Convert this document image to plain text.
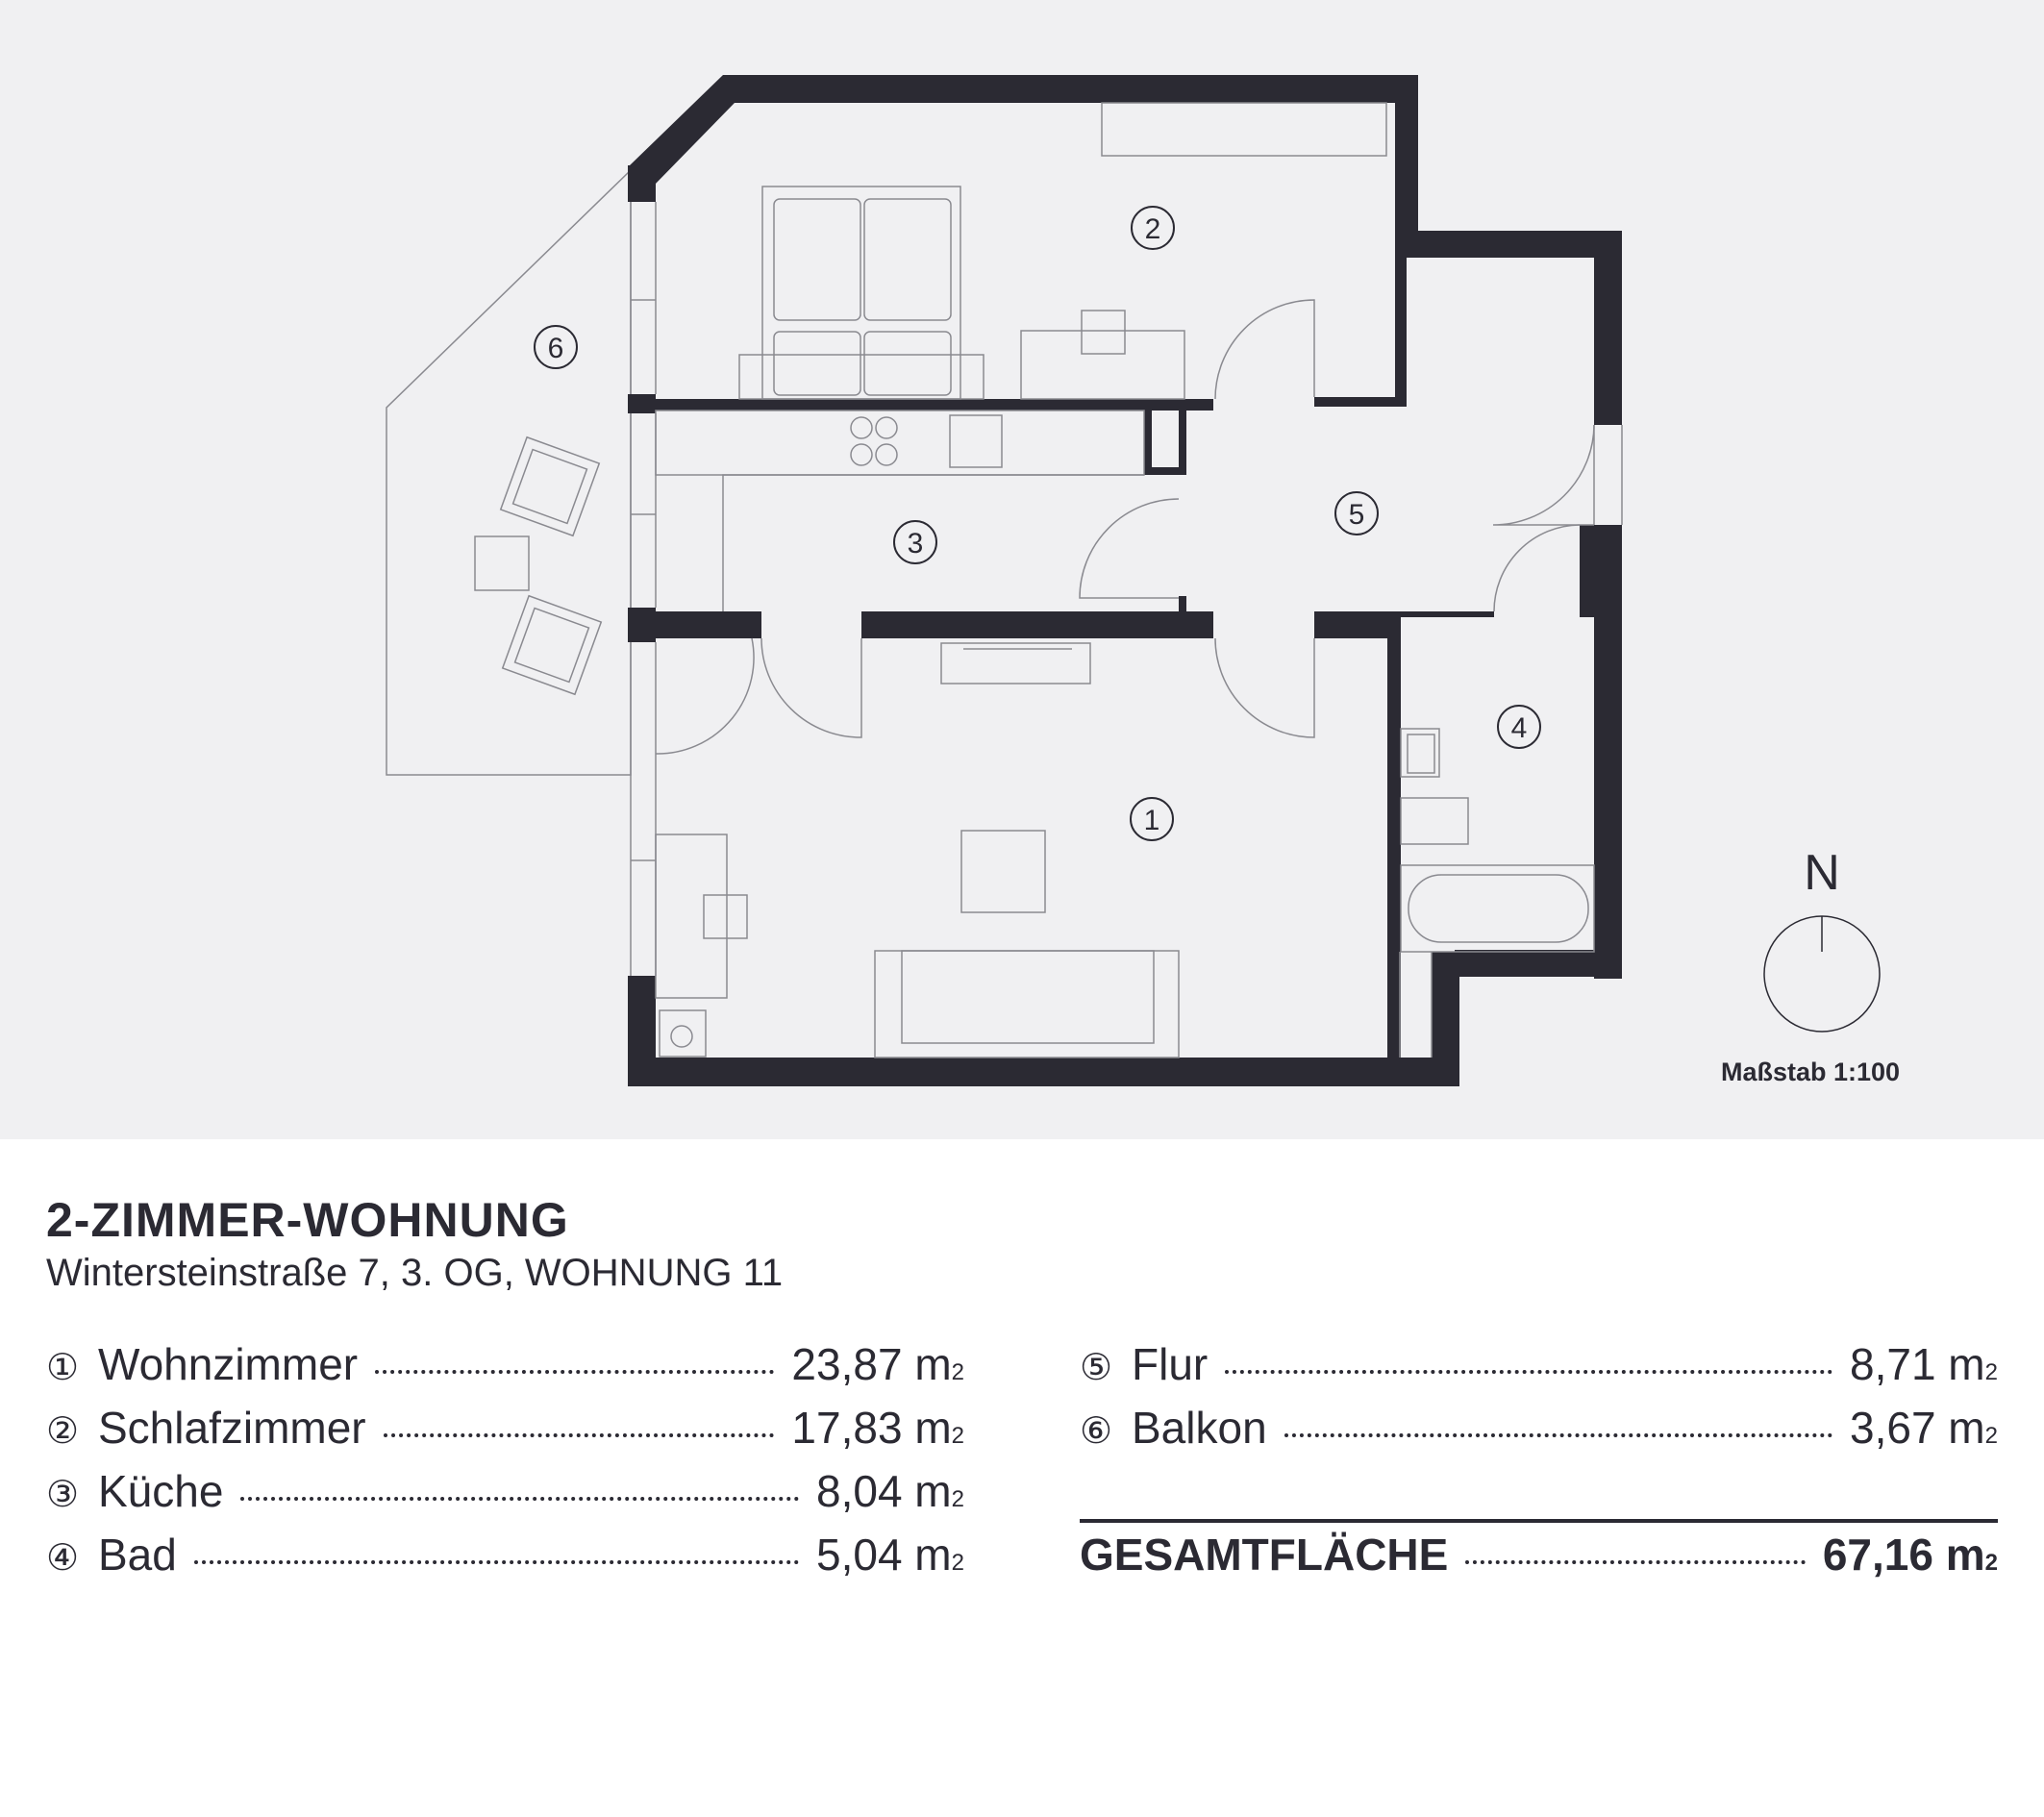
1
2
3
4
5
6
N
Maßstab 1:100
2-ZIMMER-WOHNUNG
Wintersteinstraße 7, 3. OG, WOHNUNG 11
① Wohnzimmer	23,87 m 2
② Schlafzimmer	17,83 m 2
③ Küche	8,04 m 2
④ Bad	5,04 m 2
⑤ Flur	8,71 m 2
⑥ Balkon	3,67 m 2
GESAMTFLÄCHE	67,16 m 2
